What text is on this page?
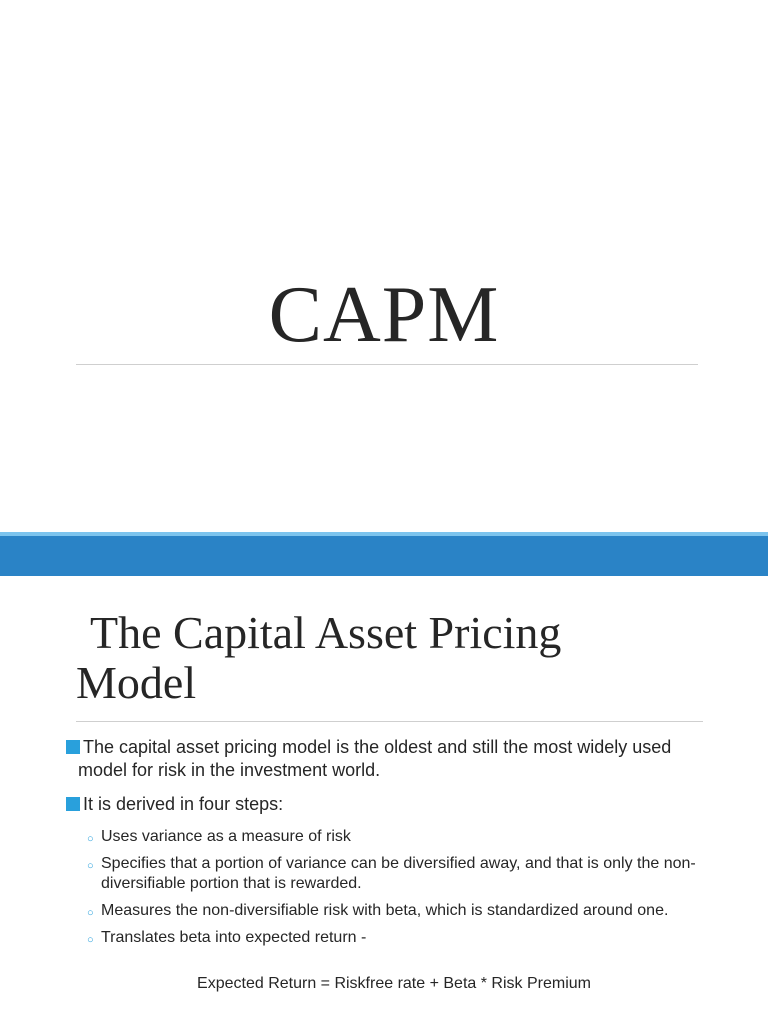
CAPM
The Capital Asset Pricing
Model
The capital asset pricing model is the oldest and still the most widely used model for risk in the investment world.
It is derived in four steps:
○ Uses variance as a measure of risk
○ Specifies that a portion of variance can be diversified away, and that is only the non-diversifiable portion that is rewarded.
○ Measures the non-diversifiable risk with beta, which is standardized around one.
○ Translates beta into expected return -
Expected Return = Riskfree rate + Beta * Risk Premium
